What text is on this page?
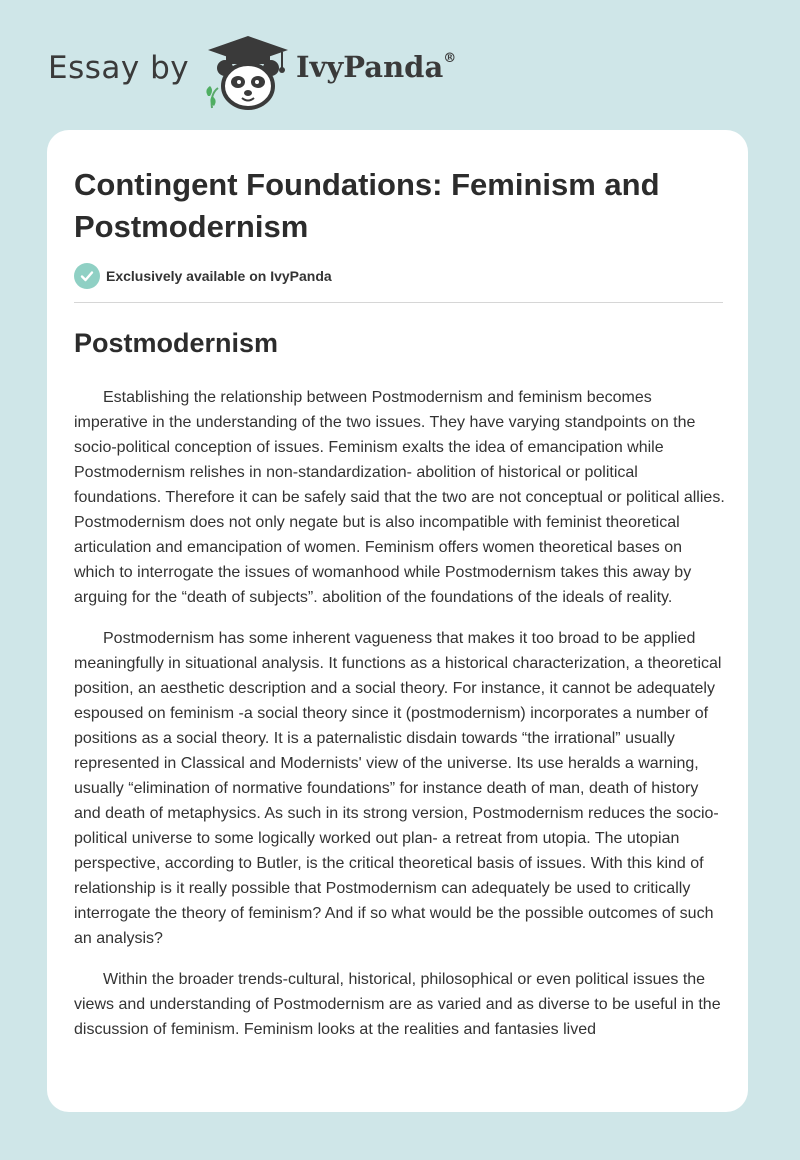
Essay by	IvyPanda®
Contingent Foundations: Feminism and Postmodernism
Exclusively available on IvyPanda
Postmodernism

Establishing the relationship between Postmodernism and feminism becomes imperative in the understanding of the two issues. They have varying standpoints on the socio-political conception of issues. Feminism exalts the idea of emancipation while Postmodernism relishes in non-standardization- abolition of historical or political foundations. Therefore it can be safely said that the two are not conceptual or political allies. Postmodernism does not only negate but is also incompatible with feminist theoretical articulation and emancipation of women. Feminism offers women theoretical bases on which to interrogate the issues of womanhood while Postmodernism takes this away by arguing for the “death of subjects”. abolition of the foundations of the ideals of reality.

Postmodernism has some inherent vagueness that makes it too broad to be applied meaningfully in situational analysis. It functions as a historical characterization, a theoretical position, an aesthetic description and a social theory. For instance, it cannot be adequately espoused on feminism -a social theory since it (postmodernism) incorporates a number of positions as a social theory. It is a paternalistic disdain towards “the irrational” usually represented in Classical and Modernists' view of the universe. Its use heralds a warning, usually “elimination of normative foundations” for instance death of man, death of history and death of metaphysics. As such in its strong version, Postmodernism reduces the socio-political universe to some logically worked out plan- a retreat from utopia. The utopian perspective, according to Butler, is the critical theoretical basis of issues. With this kind of relationship is it really possible that Postmodernism can adequately be used to critically interrogate the theory of feminism? And if so what would be the possible outcomes of such an analysis?

Within the broader trends-cultural, historical, philosophical or even political issues the views and understanding of Postmodernism are as varied and as diverse to be useful in the discussion of feminism. Feminism looks at the realities and fantasies lived
